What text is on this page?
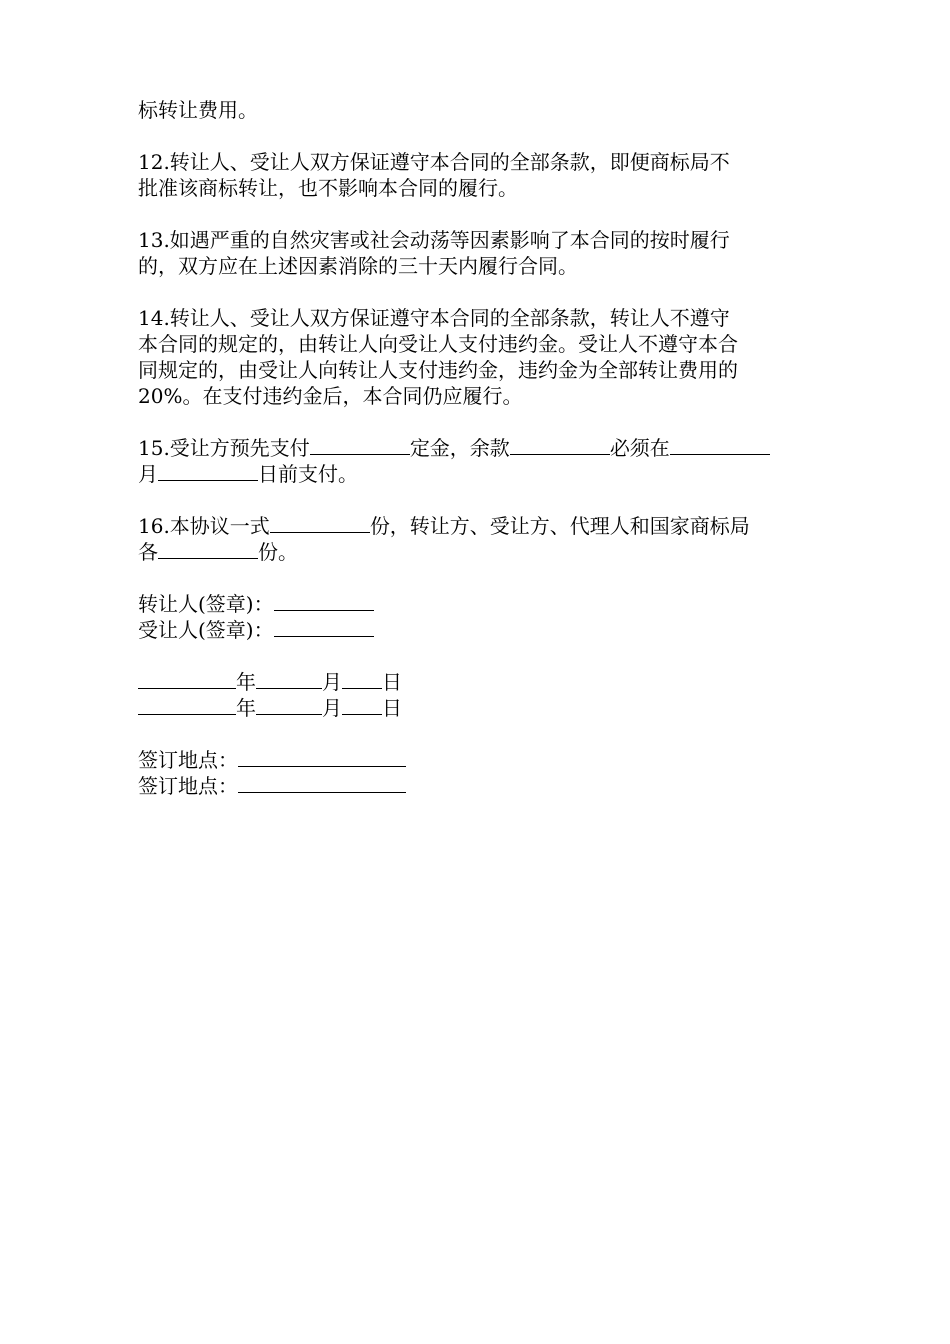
标转让费用。

12.转让人、受让人双方保证遵守本合同的全部条款，即便商标局不
批准该商标转让，也不影响本合同的履行。

13.如遇严重的自然灾害或社会动荡等因素影响了本合同的按时履行
的，双方应在上述因素消除的三十天内履行合同。

14.转让人、受让人双方保证遵守本合同的全部条款，转让人不遵守
本合同的规定的，由转让人向受让人支付违约金。受让人不遵守本合
同规定的，由受让人向转让人支付违约金，违约金为全部转让费用的
20%。在支付违约金后，本合同仍应履行。

15.受让方预先支付	定金，余款	必须在
月	日前支付。

16.本协议一式	份，转让方、受让方、代理人和国家商标局
各	份。

转让人(签章)：
受让人(签章)：
年	月 日
年	月 日
签订地点：
签订地点：
